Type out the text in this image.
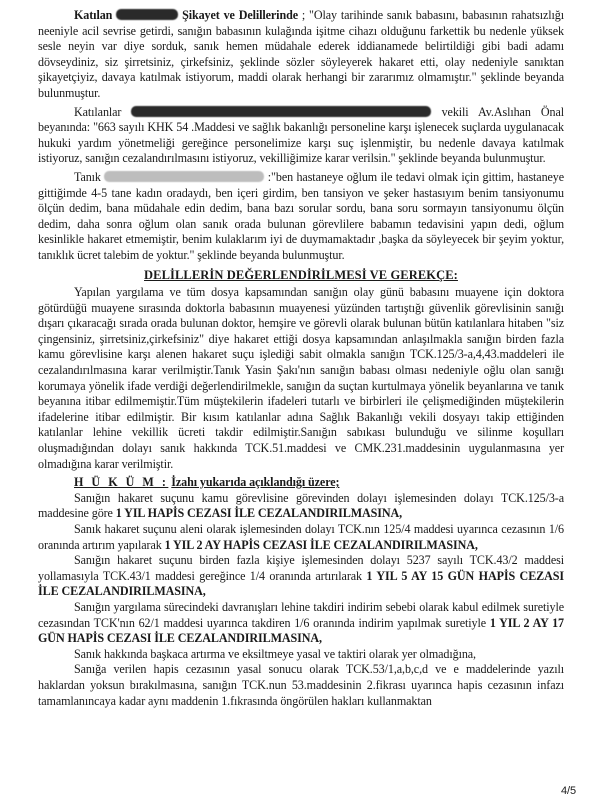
Katılan	Şikayet ve Delillerinde ; "Olay tarihinde sanık babasını, babasının rahatsızlığı neeniyle acil sevrise getirdi, sanığın babasının kulağında işitme cihazı olduğunu farkettik bu nedenle yüksek sesle neyin var diye sorduk, sanık hemen müdahale ederek iddianamede belirtildiği gibi badi adamı dövseydiniz, siz şirretsiniz, çirkefsiniz, şeklinde sözler söyleyerek hakaret etti, olay nedeniyle sanıktan şikayetçiyiz, davaya katılmak istiyorum, maddi olarak herhangi bir zararımız olmamıştır." şeklinde beyanda bulunmuştur.

Katılanlar	vekili Av.Aslıhan Önal beyanında: "663 sayılı KHK 54 .Maddesi ve sağlık bakanlığı personeline karşı işlenecek suçlarda uygulanacak hukuki yardım yönetmeliği gereğince personelimize karşı suç işlenmiştir, bu nedenle davaya katılmak istiyoruz, sanığın cezalandırılmasını istiyoruz, vekilliğimize karar verilsin." şeklinde beyanda bulunmuştur.

Tanık	:"ben hastaneye oğlum ile tedavi olmak için gittim, hastaneye gittiğimde 4-5 tane kadın oradaydı, ben içeri girdim, ben tansiyon ve şeker hastasıyım benim tansiyonumu ölçün dedim, bana müdahale edin dedim, bana bazı sorular sordu, bana soru sormayın tansiyonumu ölçün dedim, daha sonra oğlum olan sanık orada bulunan görevlilere babamın tedavisini yapın dedi, oğlum kesinlikle hakaret etmemiştir, benim kulaklarım iyi de duymamaktadır ,başka da söyleyecek bir şeyim yoktur, tanıklık ücret talebim de yoktur." şeklinde beyanda bulunmuştur.

DELİLLERİN DEĞERLENDİRİLMESİ VE GEREKÇE:

Yapılan yargılama ve tüm dosya kapsamından sanığın olay günü babasını muayene için doktora götürdüğü muayene sırasında doktorla babasının muayenesi yüzünden tartıştığı güvenlik görevlisinin sanığı dışarı çıkaracağı sırada orada bulunan doktor, hemşire ve görevli olarak bulunan bütün katılanlara hitaben "siz çingensiniz, şirretsiniz,çirkefsiniz" diye hakaret ettiği dosya kapsamından anlaşılmakla sanığın birden fazla kamu görevlisine karşı alenen hakaret suçu işlediği sabit olmakla sanığın TCK.125/3-a,4,43.maddeleri ile cezalandırılmasına karar verilmiştir.Tanık Yasin Şakı'nın sanığın babası olması nedeniyle oğlu olan sanığı korumaya yönelik ifade verdiği değerlendirilmekle, sanığın da suçtan kurtulmaya yönelik beyanlarına ve tanık beyanına itibar edilmemiştir.Tüm müştekilerin ifadeleri tutarlı ve birbirleri ile çelişmediğinden müştekilerin ifadelerine itibar edilmiştir. Bir kısım katılanlar adına Sağlık Bakanlığı vekili dosyayı takip ettiğinden katılanlar lehine vekillik ücreti takdir edilmiştir.Sanığın sabıkası bulunduğu ve silinme koşulları oluşmadığından dolayı sanık hakkında TCK.51.maddesi ve CMK.231.maddesinin uygulanmasına yer olmadığına karar verilmiştir.

H Ü K Ü M : İzahı yukarıda açıklandığı üzere;

Sanığın hakaret suçunu kamu görevlisine görevinden dolayı işlemesinden dolayı TCK.125/3-a maddesine göre 1 YIL HAPİS CEZASI İLE CEZALANDIRILMASINA,

Sanık hakaret suçunu aleni olarak işlemesinden dolayı TCK.nın 125/4 maddesi uyarınca cezasının 1/6 oranında artırım yapılarak 1 YIL 2 AY HAPİS CEZASI İLE CEZALANDIRILMASINA,

Sanığın hakaret suçunu birden fazla kişiye işlemesinden dolayı 5237 sayılı TCK.43/2 maddesi yollamasıyla TCK.43/1 maddesi gereğince 1/4 oranında artırılarak 1 YIL 5 AY 15 GÜN HAPİS CEZASI İLE CEZALANDIRILMASINA,

Sanığın yargılama sürecindeki davranışları lehine takdiri indirim sebebi olarak kabul edilmek suretiyle cezasından TCK'nın 62/1 maddesi uyarınca takdiren 1/6 oranında indirim yapılmak suretiyle 1 YIL 2 AY 17 GÜN HAPİS CEZASI İLE CEZALANDIRILMASINA,

Sanık hakkında başkaca artırma ve eksiltmeye yasal ve taktiri olarak yer olmadığına,

Sanığa verilen hapis cezasının yasal sonucu olarak TCK.53/1,a,b,c,d ve e maddelerinde yazılı haklardan yoksun bırakılmasına, sanığın TCK.nun 53.maddesinin 2.fikrası uyarınca hapis cezasının infazı tamamlanıncaya kadar aynı maddenin 1.fıkrasında öngörülen hakları kullanmaktan

4/5
